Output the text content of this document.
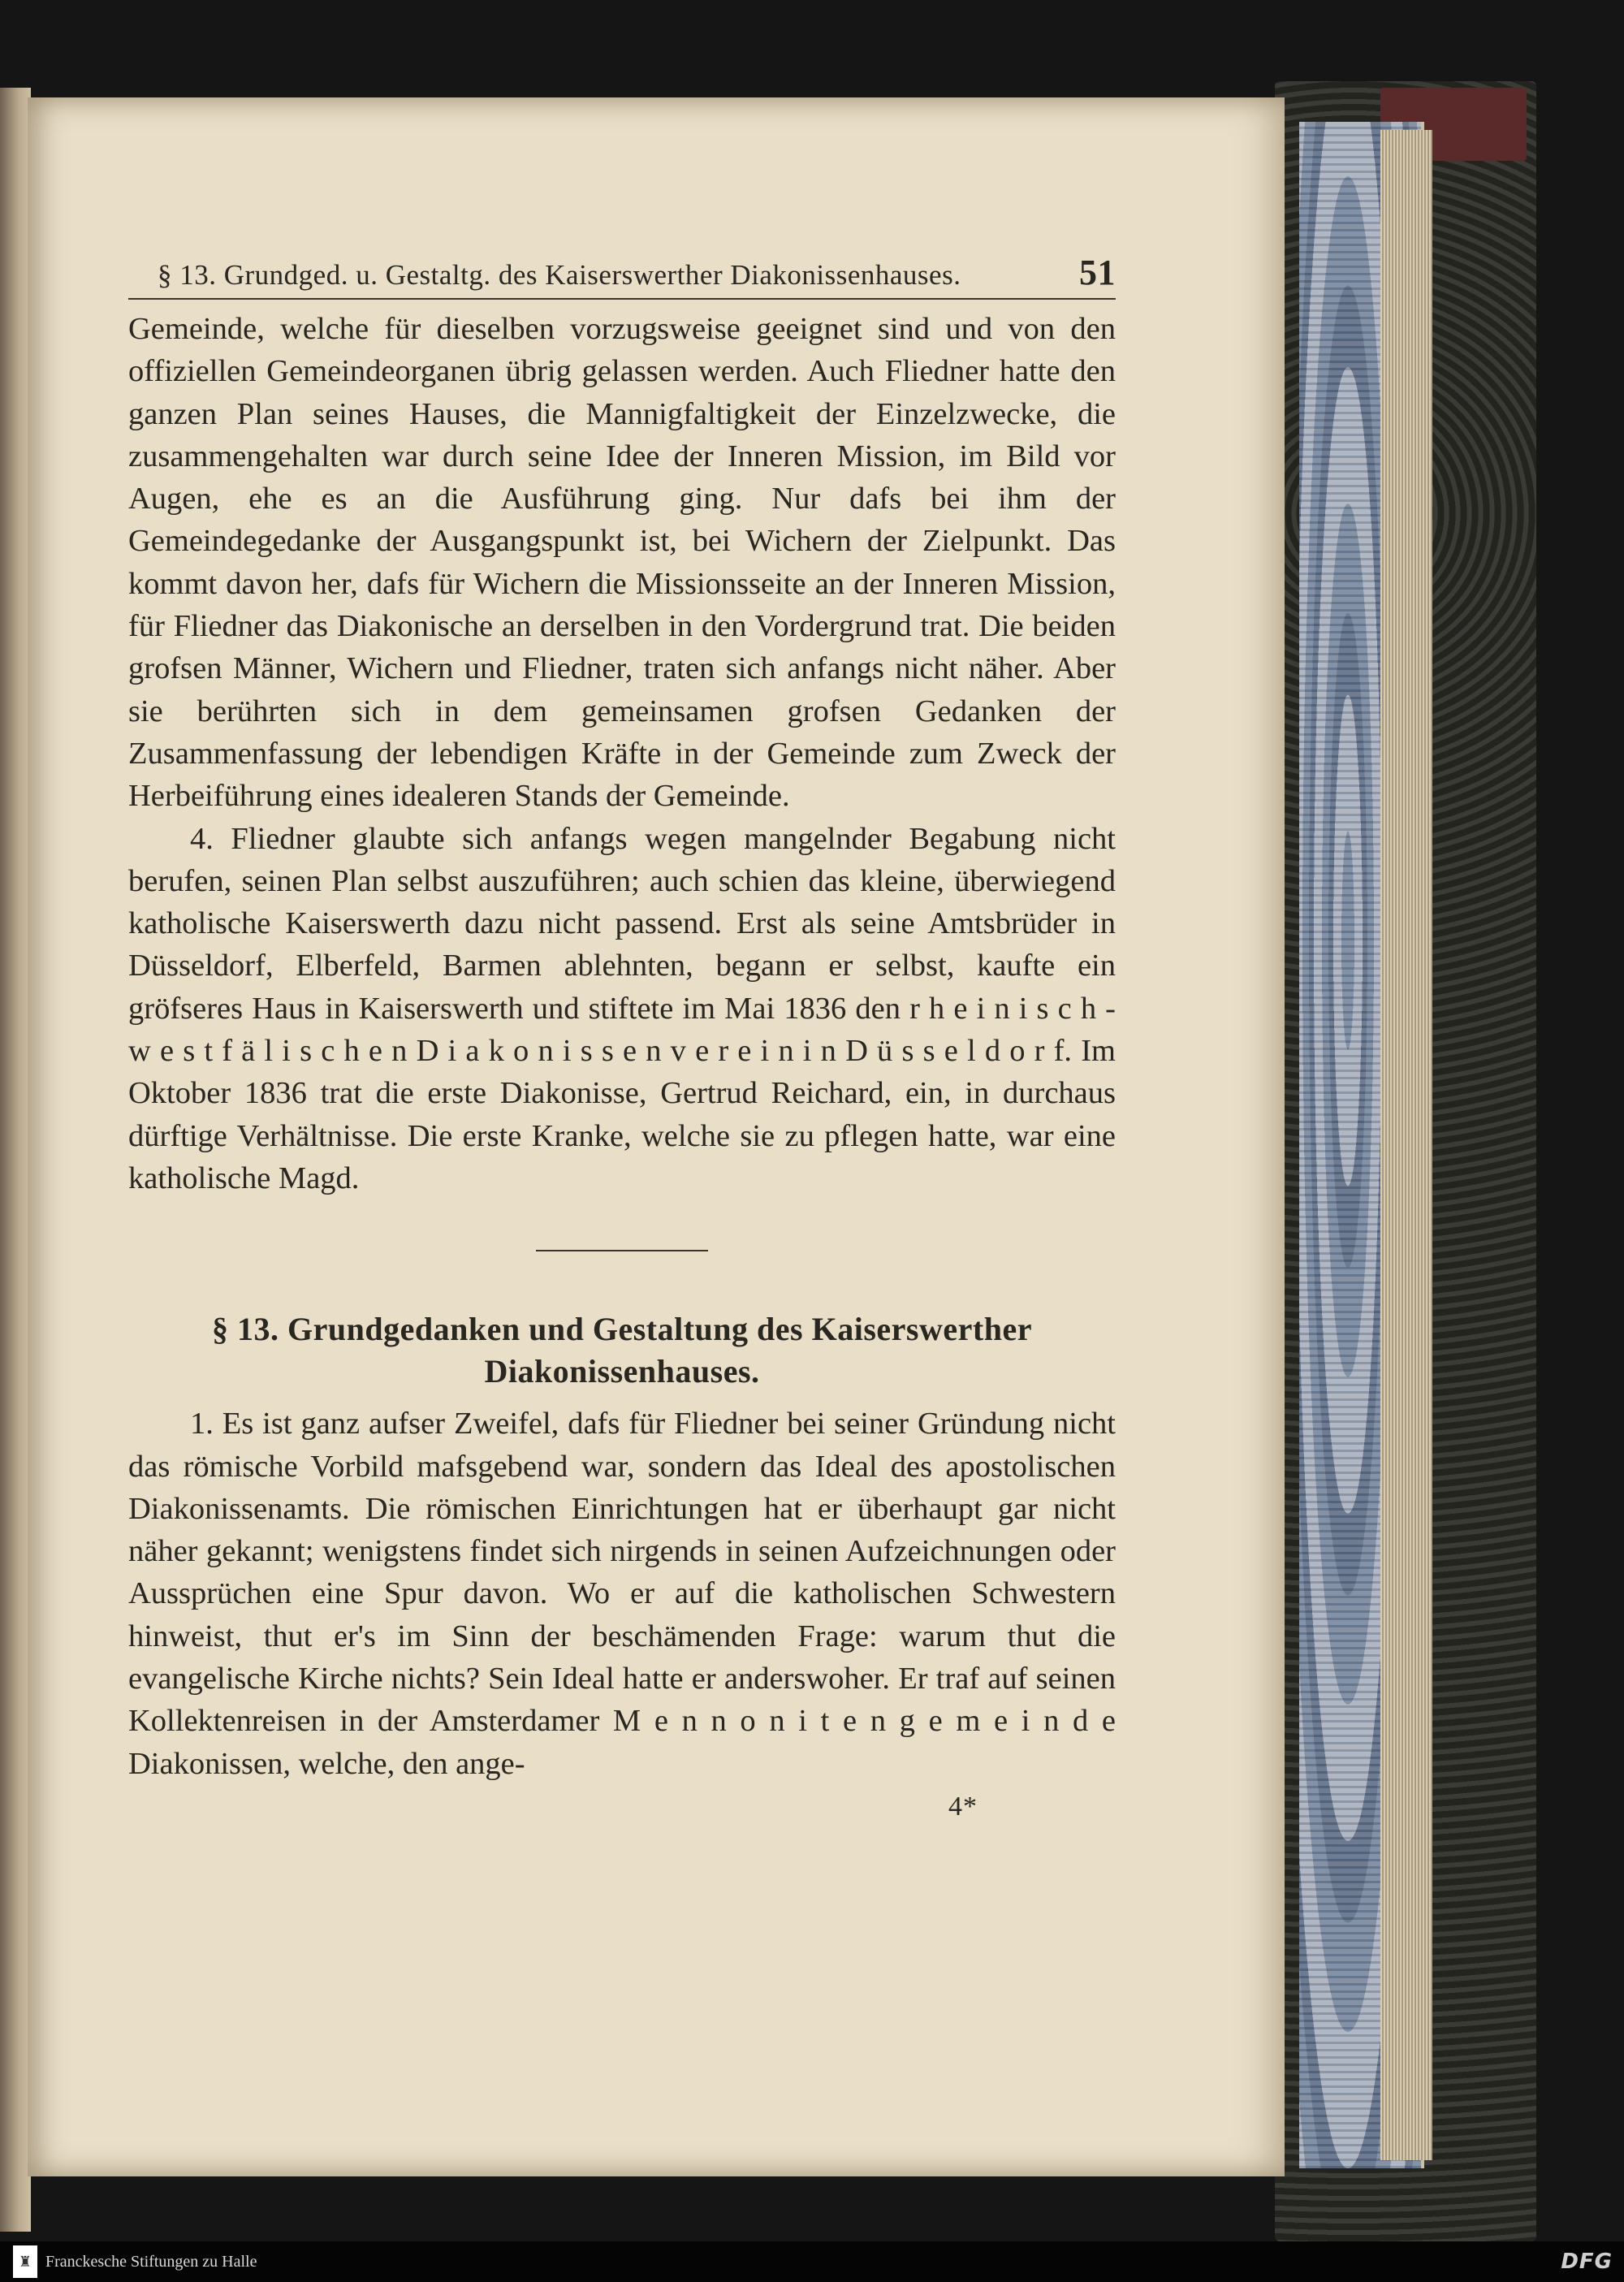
§ 13. Grundged. u. Gestaltg. des Kaiserswerther Diakonissenhauses.	51

Gemeinde, welche für dieselben vorzugsweise geeignet sind und von den offiziellen Gemeindeorganen übrig gelassen werden. Auch Fliedner hatte den ganzen Plan seines Hauses, die Mannigfaltigkeit der Einzelzwecke, die zusammengehalten war durch seine Idee der Inneren Mission, im Bild vor Augen, ehe es an die Ausführung ging. Nur dafs bei ihm der Gemeindegedanke der Ausgangspunkt ist, bei Wichern der Zielpunkt. Das kommt davon her, dafs für Wichern die Missionsseite an der Inneren Mission, für Fliedner das Diakonische an derselben in den Vordergrund trat. Die beiden grofsen Männer, Wichern und Fliedner, traten sich anfangs nicht näher. Aber sie berührten sich in dem gemeinsamen grofsen Gedanken der Zusammenfassung der lebendigen Kräfte in der Gemeinde zum Zweck der Herbeiführung eines idealeren Stands der Gemeinde.

4. Fliedner glaubte sich anfangs wegen mangelnder Begabung nicht berufen, seinen Plan selbst auszuführen; auch schien das kleine, überwiegend katholische Kaiserswerth dazu nicht passend. Erst als seine Amtsbrüder in Düsseldorf, Elberfeld, Barmen ablehnten, begann er selbst, kaufte ein gröfseres Haus in Kaiserswerth und stiftete im Mai 1836 den r h e i n i s c h - w e s t f ä l i s c h e n D i a k o n i s s e n v e r e i n i n D ü s s e l d o r f. Im Oktober 1836 trat die erste Diakonisse, Gertrud Reichard, ein, in durchaus dürftige Verhältnisse. Die erste Kranke, welche sie zu pflegen hatte, war eine katholische Magd.

§ 13. Grundgedanken und Gestaltung des Kaiserswerther
Diakonissenhauses.

1. Es ist ganz aufser Zweifel, dafs für Fliedner bei seiner Gründung nicht das römische Vorbild mafsgebend war, sondern das Ideal des apostolischen Diakonissenamts. Die römischen Einrichtungen hat er überhaupt gar nicht näher gekannt; wenigstens findet sich nirgends in seinen Aufzeichnungen oder Aussprüchen eine Spur davon. Wo er auf die katholischen Schwestern hinweist, thut er's im Sinn der beschämenden Frage: warum thut die evangelische Kirche nichts? Sein Ideal hatte er anderswoher. Er traf auf seinen Kollektenreisen in der Amsterdamer M e n n o n i t e n g e m e i n d e Diakonissen, welche, den ange-

4*
♜ Franckesche Stiftungen zu Halle	DFG
